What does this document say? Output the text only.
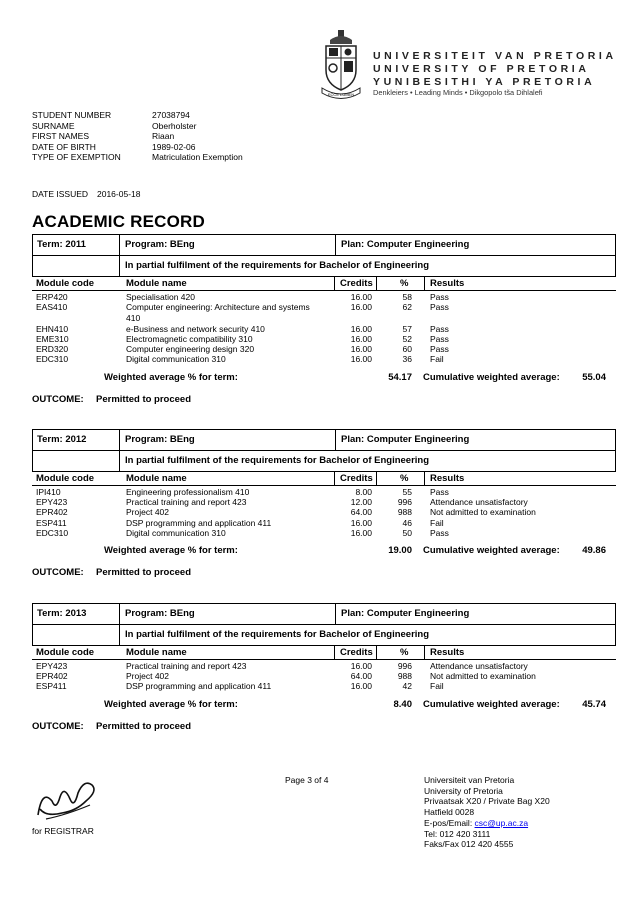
ECCE LUMEN
UNIVERSITEIT VAN PRETORIA
UNIVERSITY OF PRETORIA
YUNIBESITHI YA PRETORIA
Denkleiers • Leading Minds • Dikgopolo tša Dihlalefi
STUDENT NUMBER	27038794
SURNAME	Oberholster
FIRST NAMES	Riaan
DATE OF BIRTH	1989-02-06
TYPE OF EXEMPTION	Matriculation Exemption
DATE ISSUED 2016-05-18
ACADEMIC RECORD
Term: 2011	Program: BEng	Plan: Computer Engineering
In partial fulfilment of the requirements for Bachelor of Engineering
Module code	Module name	Credits	% Results
ERP420	Specialisation 420	16.00	58 Pass
EAS410	Computer engineering: Architecture and systems	16.00	62 Pass
410
EHN410	e-Business and network security 410	16.00	57 Pass
EME310	Electromagnetic compatibility 310	16.00	52 Pass
ERD320	Computer engineering design 320	16.00	60 Pass
EDC310	Digital communication 310	16.00	36 Fail
Weighted average % for term:	54.17 Cumulative weighted average:	55.04
OUTCOME: Permitted to proceed
Term: 2012	Program: BEng	Plan: Computer Engineering
In partial fulfilment of the requirements for Bachelor of Engineering
Module code	Module name	Credits	% Results
IPI410	Engineering professionalism 410	8.00	55 Pass
EPY423	Practical training and report 423	12.00	996 Attendance unsatisfactory
EPR402	Project 402	64.00	988 Not admitted to examination
ESP411	DSP programming and application 411	16.00	46 Fail
EDC310	Digital communication 310	16.00	50 Pass
Weighted average % for term:	19.00 Cumulative weighted average:	49.86
OUTCOME: Permitted to proceed
Term: 2013	Program: BEng	Plan: Computer Engineering
In partial fulfilment of the requirements for Bachelor of Engineering
Module code	Module name	Credits	% Results
EPY423	Practical training and report 423	16.00	996 Attendance unsatisfactory
EPR402	Project 402	64.00	988 Not admitted to examination
ESP411	DSP programming and application 411	16.00	42 Fail
Weighted average % for term:	8.40 Cumulative weighted average:	45.74
OUTCOME: Permitted to proceed
signature
for REGISTRAR
Page 3 of 4	Universiteit van Pretoria
University of Pretoria
Privaatsak X20 / Private Bag X20
Hatfield 0028
E-pos/Email: csc@up.ac.za
Tel: 012 420 3111
Faks/Fax 012 420 4555
